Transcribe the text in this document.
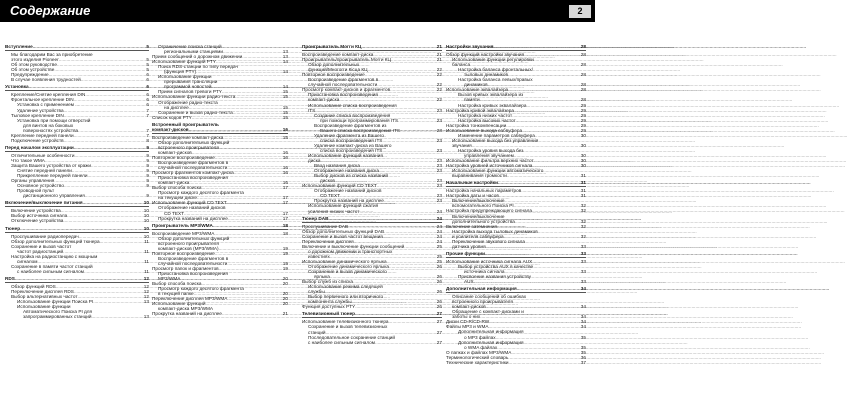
Содержание	2
Вступление .....	5
Мы благодарим Вас за приобретение
этого изделия Pioneer .....	5
Об этом руководстве .....	5
Об этом устройстве .....	5
Предупреждение .....	6
В случае появления трудностей .....	6
Установка .....	6
Крепление/Снятие крепления DIN .....	6
Фронтальное крепление DIN .....	6
Установка с применением ... .....	6
Удаление устройства .....	7
Тыловое крепление DIN .....	7
Установка при помощи отверстий
для винтов на боковых
поверхностях устройства .....	7
Крепление передней панели .....	7
Подключение устройств .....	8
Перед началом эксплуатации .....	9
Отличительные особенности .....	9
Что такое WMA .....	9
Защита Вашего устройства от кражи .....	9
Снятие передней панели .....	9
Прикрепление передней панели .....	9
Органы управления .....	9
Основное устройство .....	9
Проводной пульт
дистанционного управления .....	9
Включение/выключение питания .....	10
Включение устройства .....	10
Выбор источника сигнала .....	10
Отключение устройства .....	10
Тюнер .....	10
Прослушивание радиопередач .....	10
Обзор дополнительных функций тюнера .....	11
Сохранение и вызов частот
частот радиостанций .....	11
Настройка на радиостанцию с мощным
сигналом .....	11
Сохранение в памяти частот станций
с наиболее сильным сигналом .....	11
RDS .....	12
Обзор функций RDS .....	12
Переключение дисплея RDS .....	12
Выбор альтернативных частот .....	12
Использование функции Поиска PI .....	13
Использование функции
Автоматического Поиска PI для
запрограммированных станций .....	13
Ограничение поиска станций
региональными станциями .....	13
Прием сообщений о дорожном движении .....	13
Использование функций PTY .....	14
Поиск RDS-станции по типу передач
(функция PTY) .....	14
Использование функции
прерывания трансляции
программой новостей .....	14
Прием сигналов тревоги PTY .....	15
Использование функции радио-текста .....	15
Отображение радио-текста
на дисплее .....	15
Сохранение и вызов радио-текста .....	15
Список кодов PTY .....	15
Встроенный проигрыватель
компакт-дисков .....	16
Воспроизведение компакт-диска .....	15
Обзор дополнительных функций
встроенного проигрывателя
компакт-дисков .....	16
Повторное воспроизведение .....	16
Воспроизведение фрагментов в
случайной последовательности .....	16
Просмотр фрагментов компакт-диска .....	16
Приостановка воспроизведения
компакт-диска .....	16
Выбор способа поиска .....	17
Просмотр каждого десятого фрагмента
на текущем диске .....	17
Использование функций CD TEXT .....	17
Отображение названий дисков
CD TEXT .....	17
Прокрутка названий на дисплее .....	17
Проигрыватель MP3/WMA .....	18
Воспроизведение MP3/WMA .....	18
Обзор дополнительных функций
встроенного проигрывателя
компакт-дисков (MP3/WMA) .....	19
Повторное воспроизведение .....	19
Воспроизведение фрагментов в
случайной последовательности .....	19
Просмотр папок и фрагментов .....	19
Приостановка воспроизведения
MP3/WMA .....	20
Выбор способа поиска .....	20
Просмотр каждого десятого фрагмента
в текущей папке .....	20
Переключение дисплея MP3/WMA .....	20
Использование функций .....	20
компакт-диска MP3/WMA
Прокрутка названий на дисплее .....	21
Проигрыватель Могги КЦ .....	21
Воспроизведение компакт-диска .....	21
Проигрыватель/проигрыватель Могги КЦ .....	21
Обзор дополнительных
функций/Многогги Кiсца КЦ .....	22
Повторное воспроизведение .....	22
Воспроизведение фрагментов в
случайной последовательности .....	22
Просмотр компакт-дисков и фрагментов .....	22
Приостановка воспроизведения
компакт-диска .....	22
Использование списка воспроизведения
ITS .....	23
Создание списка воспроизведения
при помощи программирования ITS .....	23
Воспроизведение фрагментов из
Вашего списка воспроизведения ITS .....	23
Удаление фрагмента из Вашего
списка воспроизведения ITS .....	23
Удаление компакт-диска из Вашего
списка воспроизведения ITS .....	23
Использование функций названия
диска .....	23
Ввод названия диска .....	23
Отображение названия диска .....	23
Выбор дисков из списка названий
дисков .....	23
Использование функций CD TEXT .....	23
Отображение названий дисков
CD TEXT .....	23
Прокрутка названий на дисплее .....	23
Использование функций сжатия
усиления низких частот .....	24
Тюнер DAB .....	24
Прослушивание DAB .....	24
Обзор дополнительных функций DAB .....	24
Сохранение и вызов частот вещания .....	24
Переключение дисплея .....	24
Включение и выключение функции сообщений .....	25
о дорожном движении и транспортных
известиях .....	25
Использование динамического ярлыка .....	25
Отображение динамического ярлыка .....	26
Сохранение и вызов динамического
ярлыка .....	26
Выбор служб из списка .....	26
Использование режима следящей
службы .....	26
Выбор первичного или вторичного
компонента службы .....	26
Функция доступных PTY .....	26
Телевизионный тюнер .....	27
Использование телевизионного тюнера .....	27
Сохранение и вызов телевизионных
станций .....	27
Последовательное сохранение станций
с наиболее сильным сигналом .....	27
Настройки звучания .....	28
Обзор функций настройки звучания .....	28
Использование функции регулировки
баланса .....	28
Настройка баланса фронтальных/
тыловых динамиков .....	28
Настройка баланса левых/правых
динамиков .....	28
Использование эквалайзера .....	28
Вызов кривых эквалайзера из
памяти .....	28
Настройка кривых эквалайзера .....	29
Настройка кривой эквалайзера .....	29
Настройка низких частот .....	29
Настройка высоких частот .....	29
Настройка тонкомпенсации .....	29
Использование выхода сабвуфера .....	29
Изменение параметров сабвуфера .....	30
Использование выхода без управления
звучания .....	30
Настройка уровня выхода без
управления звучанием .....	30
Использование фильтра верхних частот .....	30
Настройка уровней источников сигнала .....	30
Использование функции автоматического
выравнивания громкости .....	31
Начальные настройки .....	31
Настройка начальных параметров .....	31
Настройка даты и часов .....	31
Включение/выключение
вспомогательного Поиска PI .....	32
Настройка предупреждающего сигнала .....	32
Включение/выключение
дополнительного устройства .....	32
Включение затемнения .....	32
Настройка выхода тыловых динамиков
и усилителя сабвуфера .....	32
Переключение звукового сигнала
датчика уровня .....	33
Прочие функции .....	33
Использование источника сигнала AUX .....	33
Выбор устройства AUX в качестве
источника сигнала .....	33
Присвоение названия устройству
AUX .....	33
Дополнительная информация .....	34
Описание сообщений об ошибках
встроенного проигрывателя
компакт-дисков .....	34
Обращение с компакт-дисками и
заботы о них .....	34
Диски CD-R/CD-RW .....	34
Файлы MP3 и WMA .....	34
Дополнительная информация
о MP3 файлах .....	35
Дополнительная информация
о WMA файлах .....	35
О папках и файлах MP3/WMA .....	35
Терминологический словарь .....	36
Технические характеристики .....	37
